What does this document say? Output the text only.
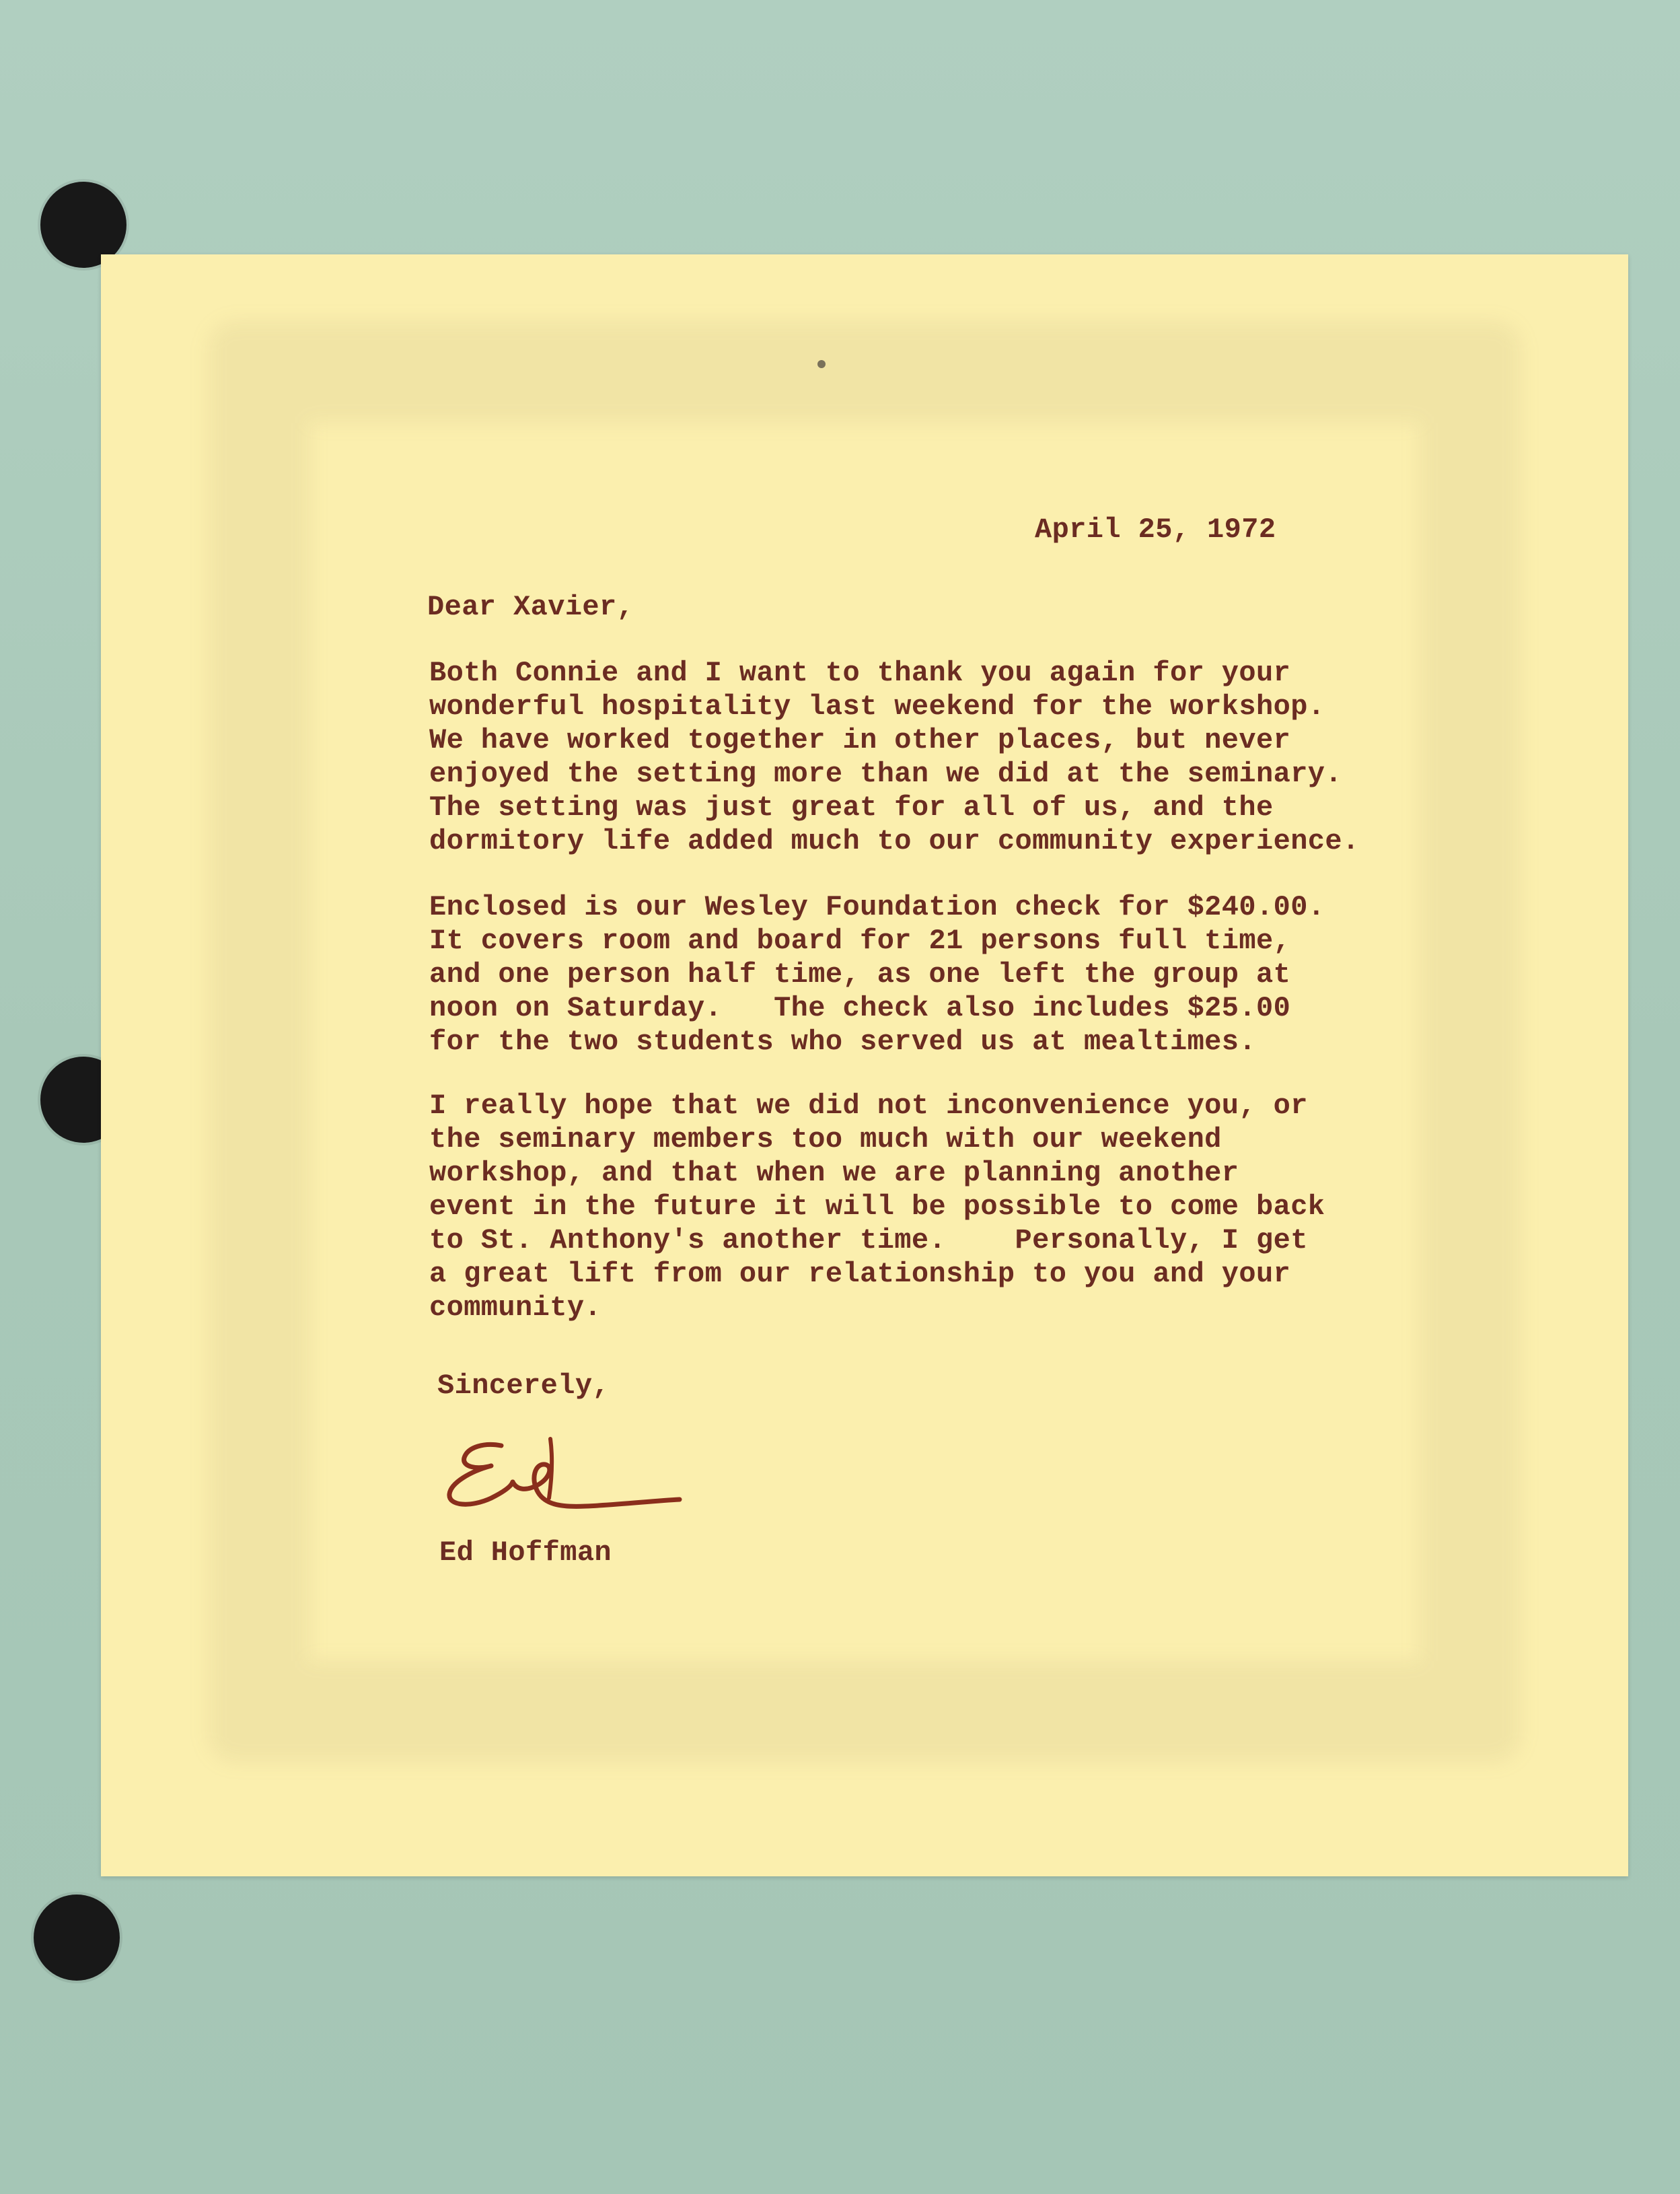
April 25, 1972
Dear Xavier,
Both Connie and I want to thank you again for your
wonderful hospitality last weekend for the workshop.
We have worked together in other places, but never
enjoyed the setting more than we did at the seminary.
The setting was just great for all of us, and the
dormitory life added much to our community experience.
Enclosed is our Wesley Foundation check for $240.00.
It covers room and board for 21 persons full time,
and one person half time, as one left the group at
noon on Saturday.   The check also includes $25.00
for the two students who served us at mealtimes.
I really hope that we did not inconvenience you, or
the seminary members too much with our weekend
workshop, and that when we are planning another
event in the future it will be possible to come back
to St. Anthony's another time.    Personally, I get
a great lift from our relationship to you and your
community.
Sincerely,
Ed Hoffman
